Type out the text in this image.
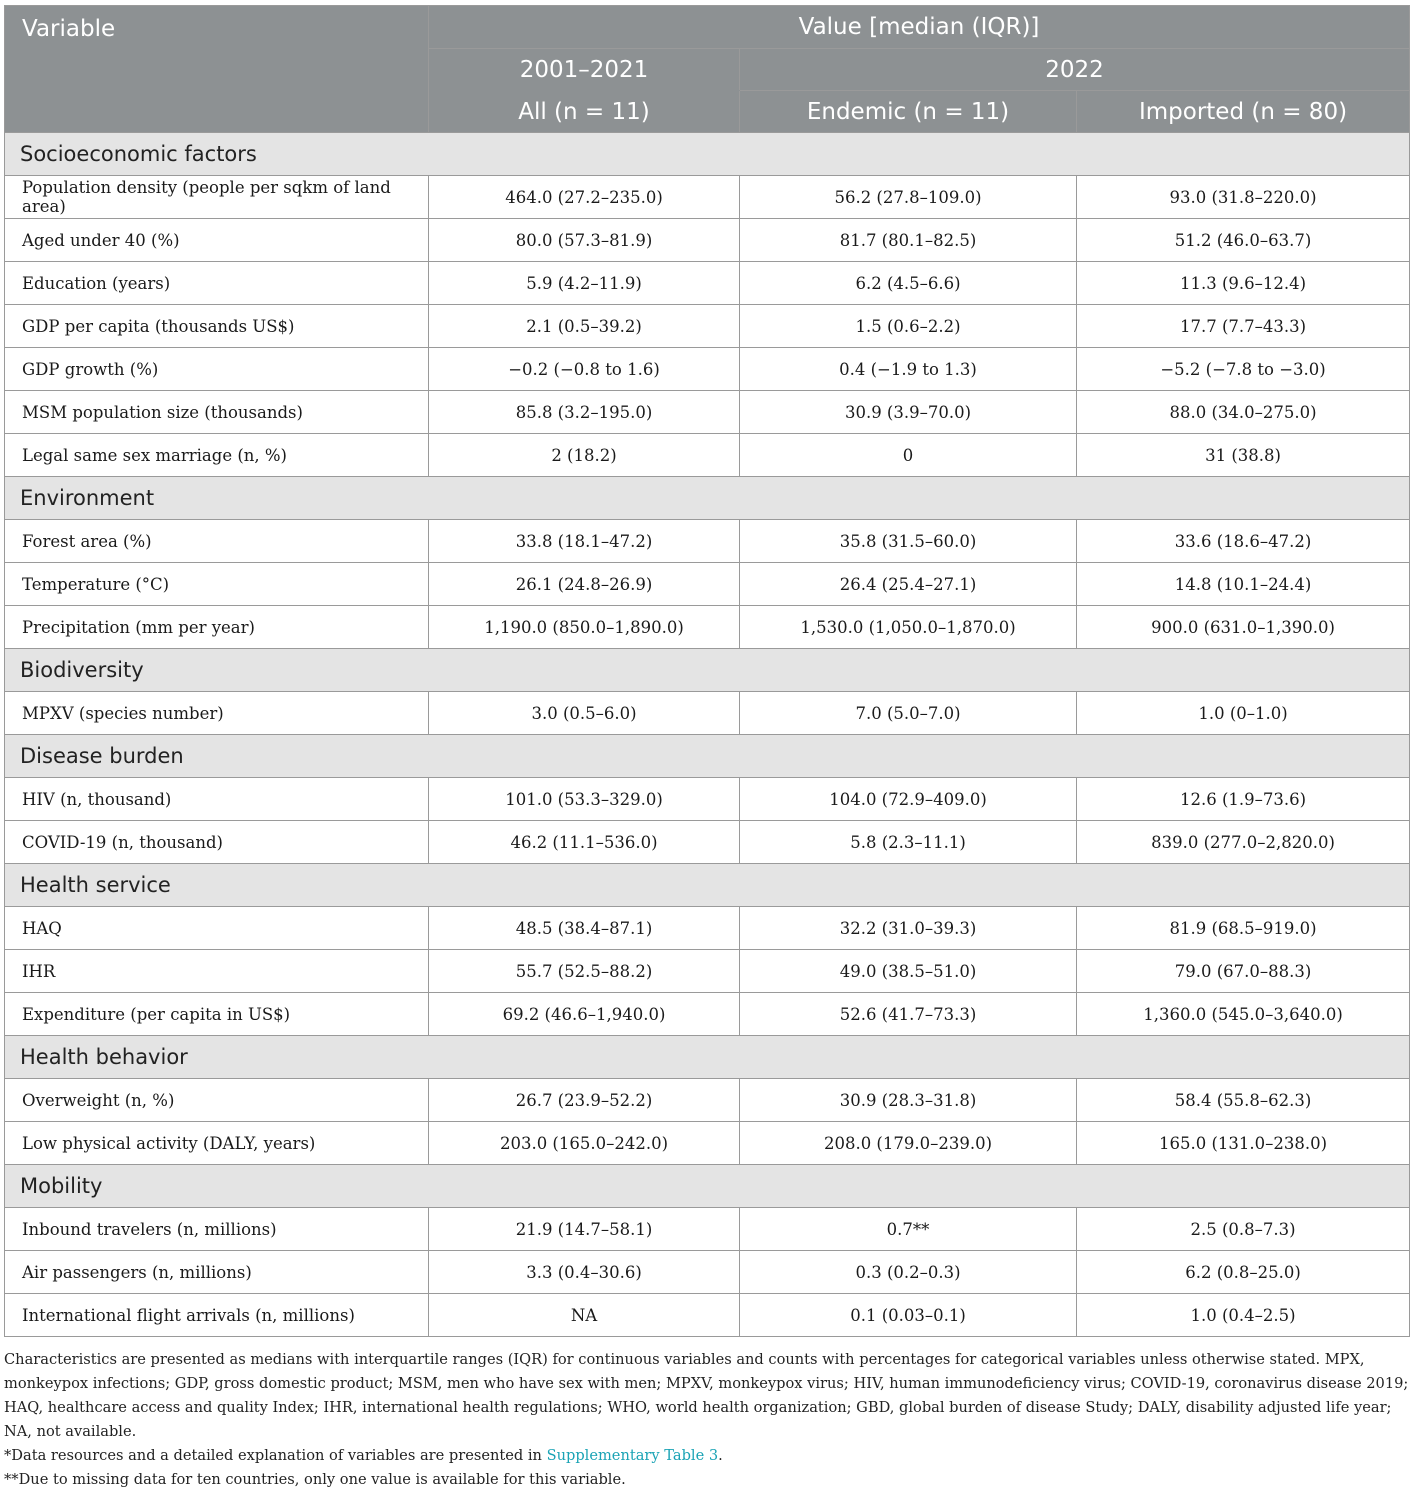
Variable	Value [median (IQR)]		
	2001–2021	2022	
	All (n = 11)	Endemic (n = 11)	Imported (n = 80)
Socioeconomic factors			
Population density (people per sqkm of land area)	464.0 (27.2–235.0)	56.2 (27.8–109.0)	93.0 (31.8–220.0)
Aged under 40 (%)	80.0 (57.3–81.9)	81.7 (80.1–82.5)	51.2 (46.0–63.7)
Education (years)	5.9 (4.2–11.9)	6.2 (4.5–6.6)	11.3 (9.6–12.4)
GDP per capita (thousands US$)	2.1 (0.5–39.2)	1.5 (0.6–2.2)	17.7 (7.7–43.3)
GDP growth (%)	−0.2 (−0.8 to 1.6)	0.4 (−1.9 to 1.3)	−5.2 (−7.8 to −3.0)
MSM population size (thousands)	85.8 (3.2–195.0)	30.9 (3.9–70.0)	88.0 (34.0–275.0)
Legal same sex marriage (n, %)	2 (18.2)	0	31 (38.8)
Environment			
Forest area (%)	33.8 (18.1–47.2)	35.8 (31.5–60.0)	33.6 (18.6–47.2)
Temperature (°C)	26.1 (24.8–26.9)	26.4 (25.4–27.1)	14.8 (10.1–24.4)
Precipitation (mm per year)	1,190.0 (850.0–1,890.0)	1,530.0 (1,050.0–1,870.0)	900.0 (631.0–1,390.0)
Biodiversity			
MPXV (species number)	3.0 (0.5–6.0)	7.0 (5.0–7.0)	1.0 (0–1.0)
Disease burden			
HIV (n, thousand)	101.0 (53.3–329.0)	104.0 (72.9–409.0)	12.6 (1.9–73.6)
COVID-19 (n, thousand)	46.2 (11.1–536.0)	5.8 (2.3–11.1)	839.0 (277.0–2,820.0)
Health service			
HAQ	48.5 (38.4–87.1)	32.2 (31.0–39.3)	81.9 (68.5–919.0)
IHR	55.7 (52.5–88.2)	49.0 (38.5–51.0)	79.0 (67.0–88.3)
Expenditure (per capita in US$)	69.2 (46.6–1,940.0)	52.6 (41.7–73.3)	1,360.0 (545.0–3,640.0)
Health behavior			
Overweight (n, %)	26.7 (23.9–52.2)	30.9 (28.3–31.8)	58.4 (55.8–62.3)
Low physical activity (DALY, years)	203.0 (165.0–242.0)	208.0 (179.0–239.0)	165.0 (131.0–238.0)
Mobility			
Inbound travelers (n, millions)	21.9 (14.7–58.1)	0.7**	2.5 (0.8–7.3)
Air passengers (n, millions)	3.3 (0.4–30.6)	0.3 (0.2–0.3)	6.2 (0.8–25.0)
International flight arrivals (n, millions)	NA	0.1 (0.03–0.1)	1.0 (0.4–2.5)

Characteristics are presented as medians with interquartile ranges (IQR) for continuous variables and counts with percentages for categorical variables unless otherwise stated. MPX, monkeypox infections; GDP, gross domestic product; MSM, men who have sex with men; MPXV, monkeypox virus; HIV, human immunodeficiency virus; COVID-19, coronavirus disease 2019; HAQ, healthcare access and quality Index; IHR, international health regulations; WHO, world health organization; GBD, global burden of disease Study; DALY, disability adjusted life year; NA, not available.

*Data resources and a detailed explanation of variables are presented in Supplementary Table 3.

**Due to missing data for ten countries, only one value is available for this variable.
